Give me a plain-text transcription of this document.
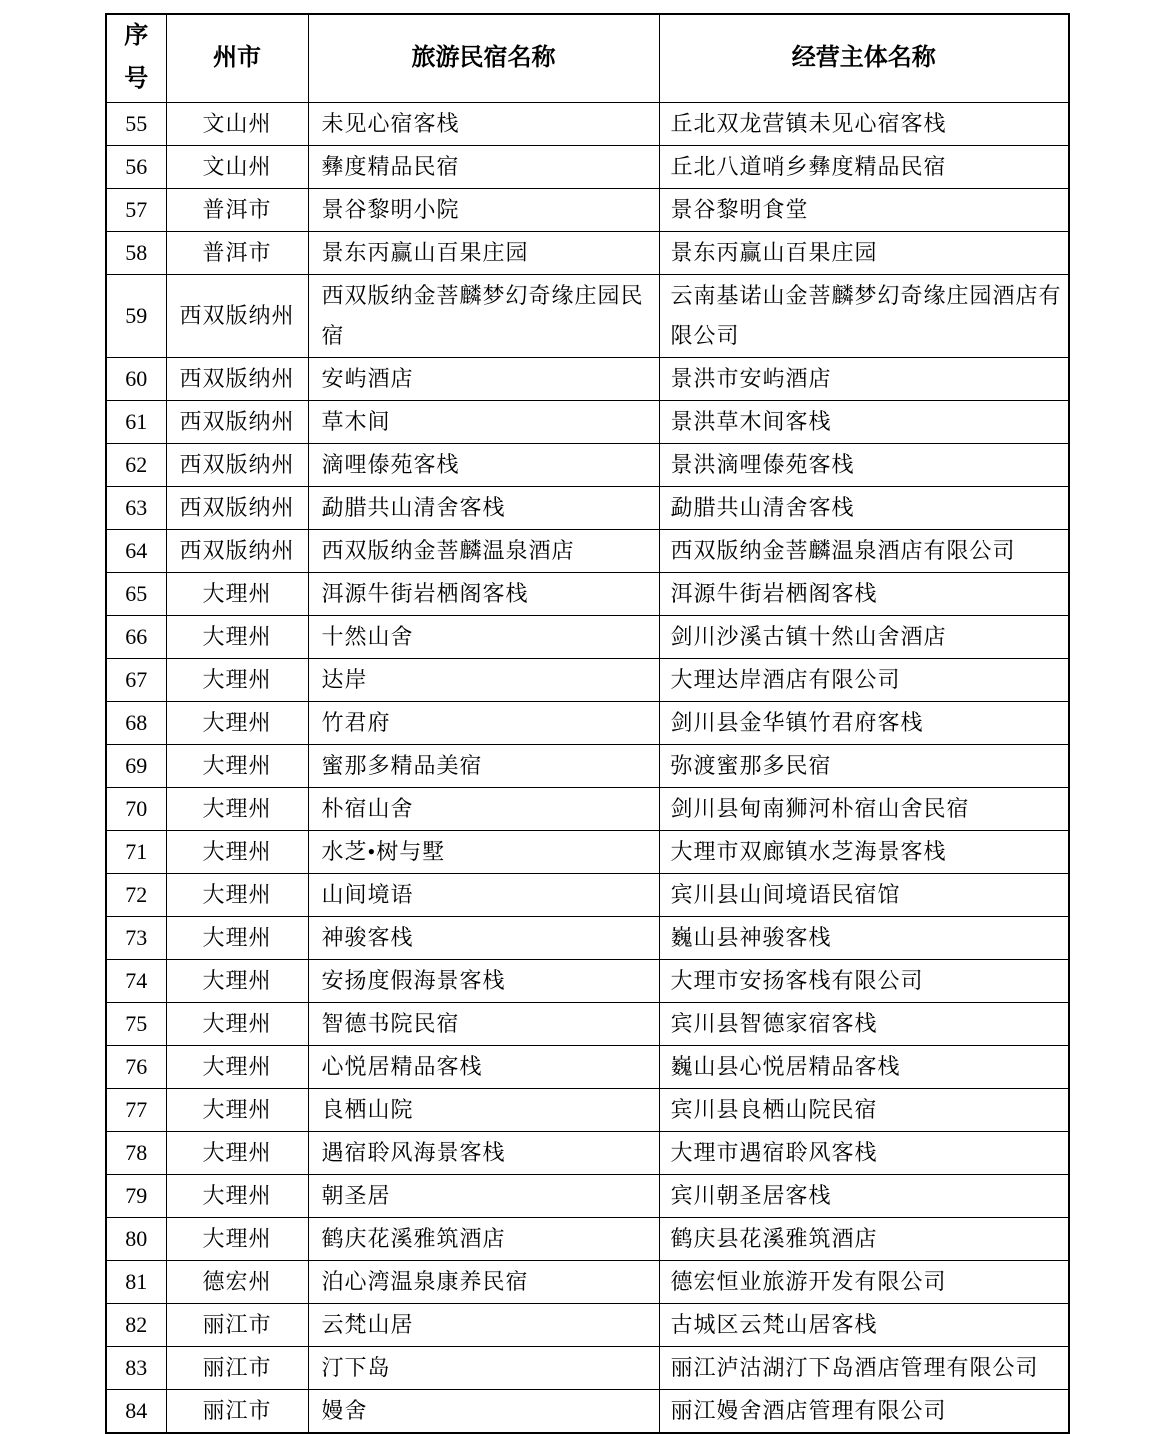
序号	州市	旅游民宿名称	经营主体名称
55	文山州	未见心宿客栈	丘北双龙营镇未见心宿客栈
56	文山州	彝度精品民宿	丘北八道哨乡彝度精品民宿
57	普洱市	景谷黎明小院	景谷黎明食堂
58	普洱市	景东丙赢山百果庄园	景东丙赢山百果庄园
59	西双版纳州	西双版纳金菩麟梦幻奇缘庄园民宿	云南基诺山金菩麟梦幻奇缘庄园酒店有限公司
60	西双版纳州	安屿酒店	景洪市安屿酒店
61	西双版纳州	草木间	景洪草木间客栈
62	西双版纳州	滴哩傣苑客栈	景洪滴哩傣苑客栈
63	西双版纳州	勐腊共山清舍客栈	勐腊共山清舍客栈
64	西双版纳州	西双版纳金菩麟温泉酒店	西双版纳金菩麟温泉酒店有限公司
65	大理州	洱源牛街岩栖阁客栈	洱源牛街岩栖阁客栈
66	大理州	十然山舍	剑川沙溪古镇十然山舍酒店
67	大理州	达岸	大理达岸酒店有限公司
68	大理州	竹君府	剑川县金华镇竹君府客栈
69	大理州	蜜那多精品美宿	弥渡蜜那多民宿
70	大理州	朴宿山舍	剑川县甸南狮河朴宿山舍民宿
71	大理州	水芝•树与墅	大理市双廊镇水芝海景客栈
72	大理州	山间境语	宾川县山间境语民宿馆
73	大理州	神骏客栈	巍山县神骏客栈
74	大理州	安扬度假海景客栈	大理市安扬客栈有限公司
75	大理州	智德书院民宿	宾川县智德家宿客栈
76	大理州	心悦居精品客栈	巍山县心悦居精品客栈
77	大理州	良栖山院	宾川县良栖山院民宿
78	大理州	遇宿聆风海景客栈	大理市遇宿聆风客栈
79	大理州	朝圣居	宾川朝圣居客栈
80	大理州	鹤庆花溪雅筑酒店	鹤庆县花溪雅筑酒店
81	德宏州	泊心湾温泉康养民宿	德宏恒业旅游开发有限公司
82	丽江市	云梵山居	古城区云梵山居客栈
83	丽江市	汀下岛	丽江泸沽湖汀下岛酒店管理有限公司
84	丽江市	嫚舍	丽江嫚舍酒店管理有限公司
